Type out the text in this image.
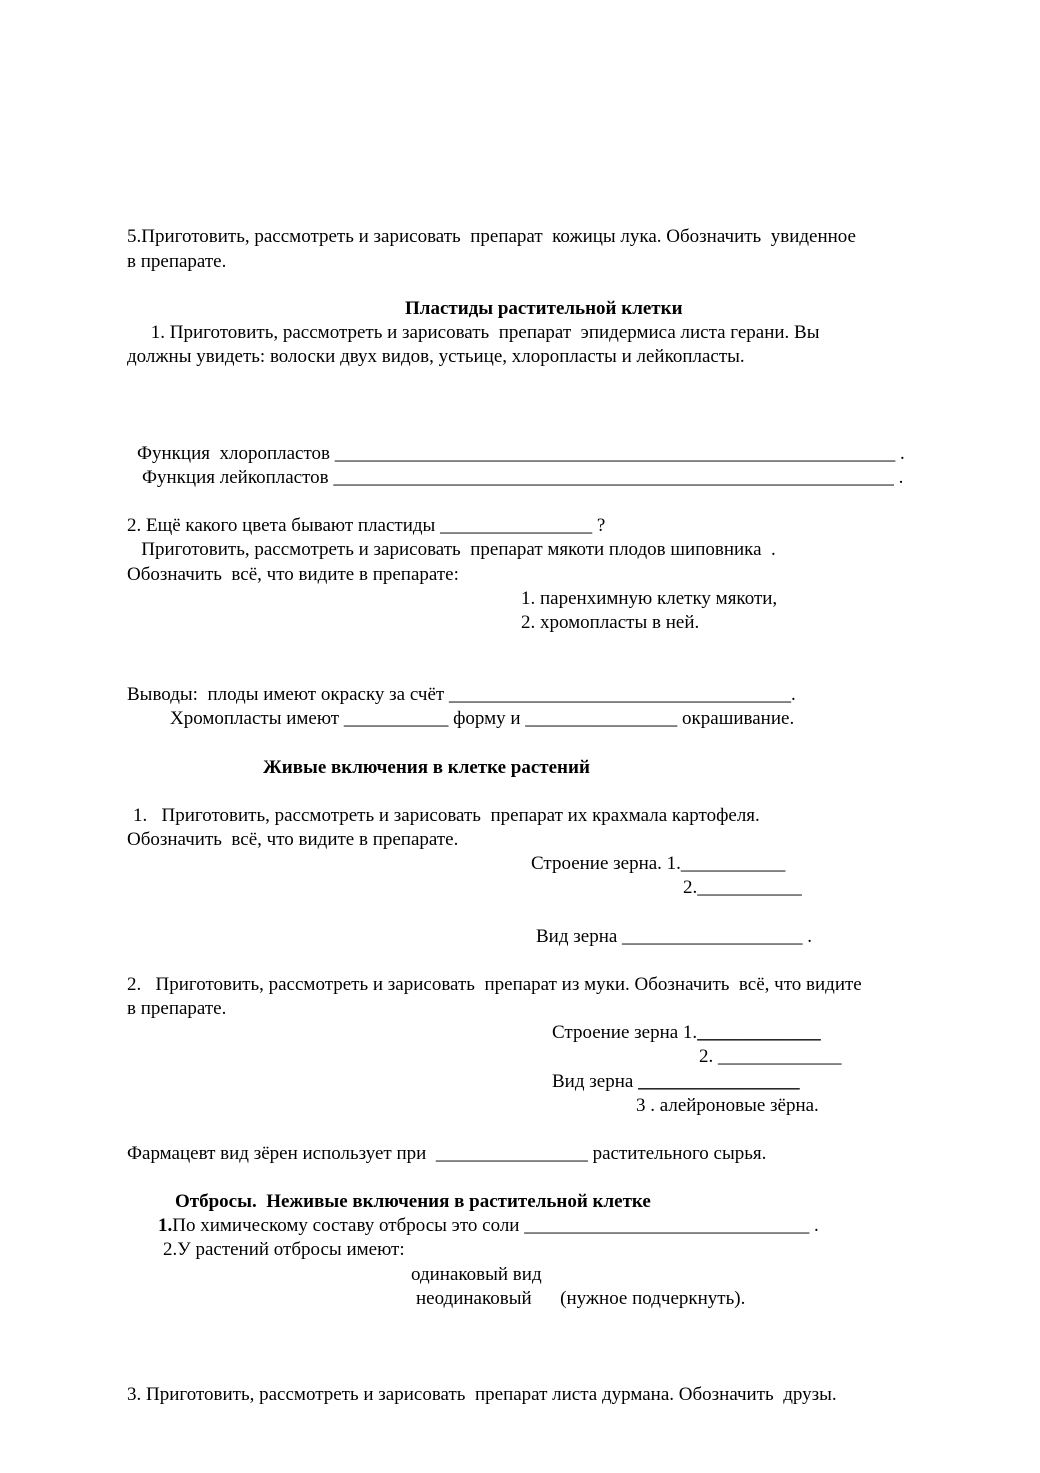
5.Приготовить, рассмотреть и зарисовать  препарат  кожицы лука. Обозначить  увиденное

в препарате.

Пластиды растительной клетки

1. Приготовить, рассмотреть и зарисовать  препарат  эпидермиса листа герани. Вы

должны увидеть: волоски двух видов, устьице, хлоропласты и лейкопласты.

Функция  хлоропластов ___________________________________________________________ .

Функция лейкопластов ___________________________________________________________ .

2. Ещё какого цвета бывают пластиды ________________ ?

Приготовить, рассмотреть и зарисовать  препарат мякоти плодов шиповника  .

Обозначить  всё, что видите в препарате:

1. паренхимную клетку мякоти,

2. хромопласты в ней.

Выводы:  плоды имеют окраску за счёт ____________________________________.

Хромопласты имеют ___________ форму и ________________ окрашивание.

Живые включения в клетке растений

1.   Приготовить, рассмотреть и зарисовать  препарат их крахмала картофеля.

Обозначить  всё, что видите в препарате.

Строение зерна. 1.___________

2.___________

Вид зерна ___________________ .

2.   Приготовить, рассмотреть и зарисовать  препарат из муки. Обозначить  всё, что видите

в препарате.

Строение зерна 1._____________

2. _____________

Вид зерна _________________

3 . алейроновые зёрна.

Фармацевт вид зёрен использует при  ________________ растительного сырья.

Отбросы.  Неживые включения в растительной клетке

1.По химическому составу отбросы это соли ______________________________ .

2.У растений отбросы имеют:

одинаковый вид

неодинаковый      (нужное подчеркнуть).

3. Приготовить, рассмотреть и зарисовать  препарат листа дурмана. Обозначить  друзы.
